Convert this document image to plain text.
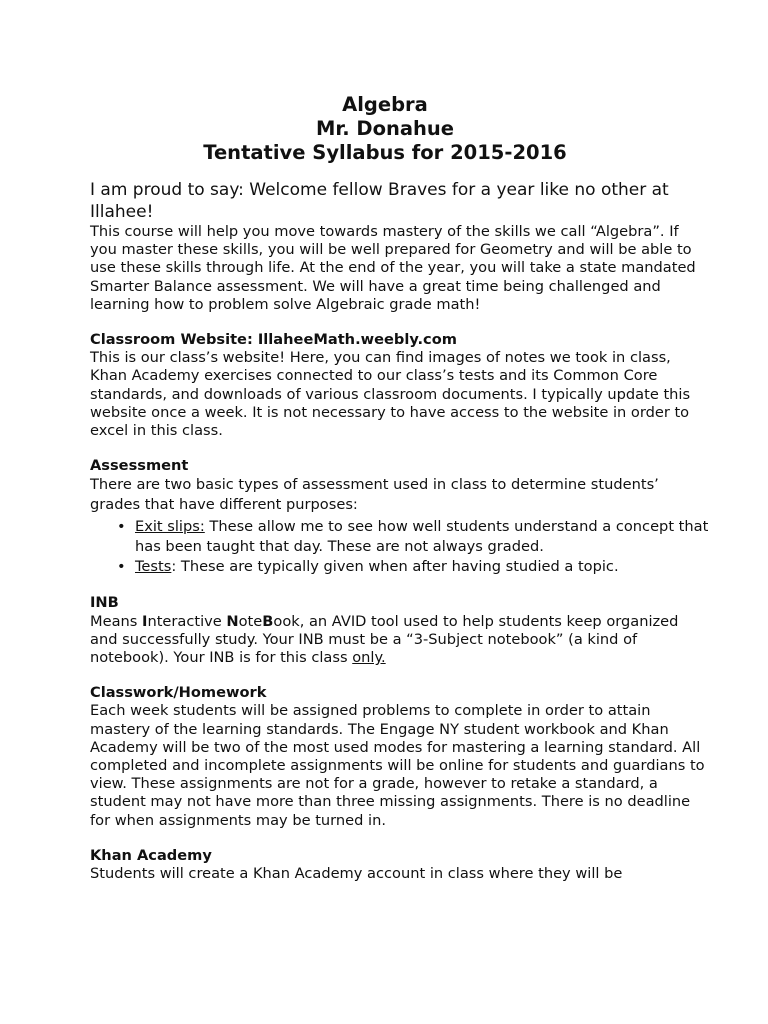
Algebra
Mr. Donahue
Tentative Syllabus for 2015-2016
I am proud to say: Welcome fellow Braves for a year like no other at Illahee!

This course will help you move towards mastery of the skills we call “Algebra”. If you master these skills, you will be well prepared for Geometry and will be able to use these skills through life. At the end of the year, you will take a state mandated Smarter Balance assessment. We will have a great time being challenged and learning how to problem solve Algebraic grade math!

Classroom Website: IllaheeMath.weebly.com

This is our class’s website! Here, you can find images of notes we took in class, Khan Academy exercises connected to our class’s tests and its Common Core standards, and downloads of various classroom documents. I typically update this website once a week. It is not necessary to have access to the website in order to excel in this class.

Assessment

There are two basic types of assessment used in class to determine students’ grades that have different purposes:

• Exit slips: These allow me to see how well students understand a concept that has been taught that day. These are not always graded.
• Tests: These are typically given when after having studied a topic.
INB

Means Interactive NoteBook, an AVID tool used to help students keep organized and successfully study. Your INB must be a “3-Subject notebook” (a kind of notebook). Your INB is for this class only.

Classwork/Homework

Each week students will be assigned problems to complete in order to attain mastery of the learning standards. The Engage NY student workbook and Khan Academy will be two of the most used modes for mastering a learning standard. All completed and incomplete assignments will be online for students and guardians to view. These assignments are not for a grade, however to retake a standard, a student may not have more than three missing assignments. There is no deadline for when assignments may be turned in.

Khan Academy

Students will create a Khan Academy account in class where they will be
